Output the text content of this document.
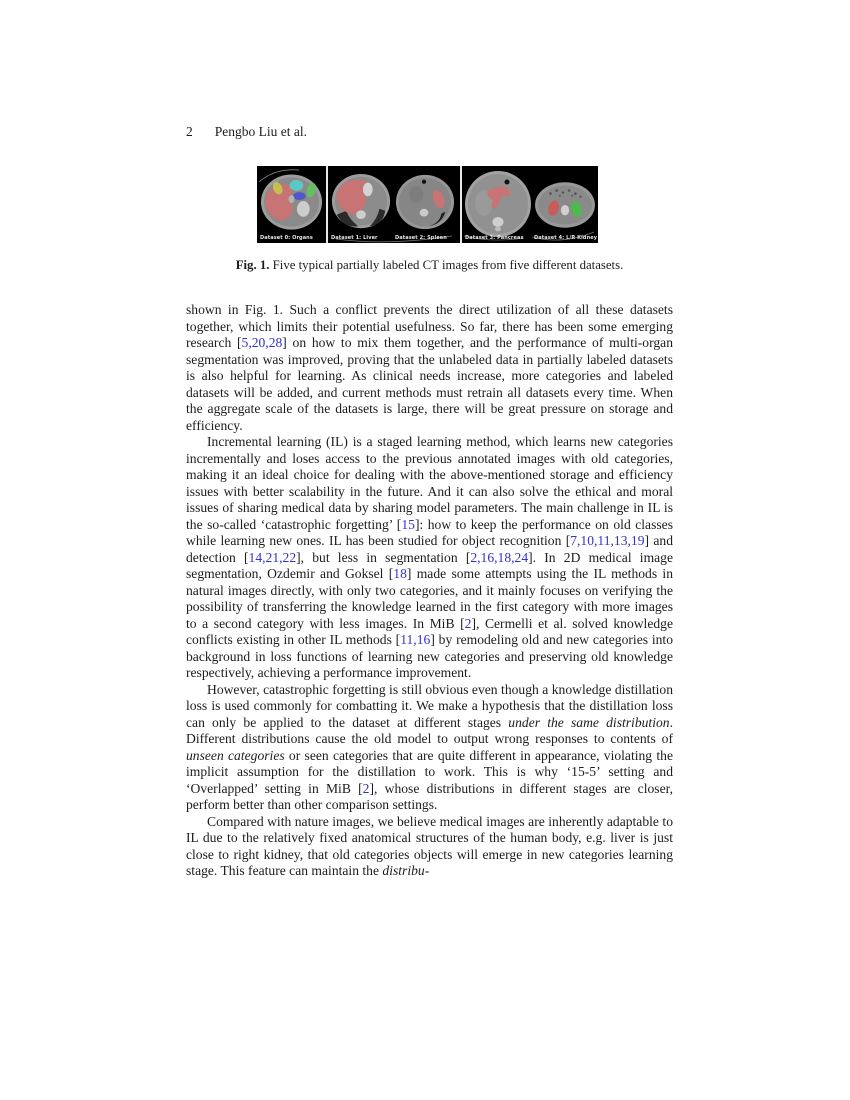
2 Pengbo Liu et al.
Dataset 0: Organs	Dataset 1: Liver	Dataset 2: Spleen	Dataset 3: Pancreas Dataset 4: L/R Kidney
Fig. 1. Five typical partially labeled CT images from five different datasets.

shown in Fig. 1. Such a conflict prevents the direct utilization of all these datasets together, which limits their potential usefulness. So far, there has been some emerging research [5,20,28] on how to mix them together, and the performance of multi-organ segmentation was improved, proving that the unlabeled data in partially labeled datasets is also helpful for learning. As clinical needs increase, more categories and labeled datasets will be added, and current methods must retrain all datasets every time. When the aggregate scale of the datasets is large, there will be great pressure on storage and efficiency.

Incremental learning (IL) is a staged learning method, which learns new categories incrementally and loses access to the previous annotated images with old categories, making it an ideal choice for dealing with the above-mentioned storage and efficiency issues with better scalability in the future. And it can also solve the ethical and moral issues of sharing medical data by sharing model parameters. The main challenge in IL is the so-called ‘catastrophic forgetting’ [15]: how to keep the performance on old classes while learning new ones. IL has been studied for object recognition [7,10,11,13,19] and detection [14,21,22], but less in segmentation [2,16,18,24]. In 2D medical image segmentation, Ozdemir and Goksel [18] made some attempts using the IL methods in natural images directly, with only two categories, and it mainly focuses on verifying the possibility of transferring the knowledge learned in the first category with more images to a second category with less images. In MiB [2], Cermelli et al. solved knowledge conflicts existing in other IL methods [11,16] by remodeling old and new categories into background in loss functions of learning new categories and preserving old knowledge respectively, achieving a performance improvement.

However, catastrophic forgetting is still obvious even though a knowledge distillation loss is used commonly for combatting it. We make a hypothesis that the distillation loss can only be applied to the dataset at different stages under the same distribution. Different distributions cause the old model to output wrong responses to contents of unseen categories or seen categories that are quite different in appearance, violating the implicit assumption for the distillation to work. This is why ‘15-5’ setting and ‘Overlapped’ setting in MiB [2], whose distributions in different stages are closer, perform better than other comparison settings.

Compared with nature images, we believe medical images are inherently adaptable to IL due to the relatively fixed anatomical structures of the human body, e.g. liver is just close to right kidney, that old categories objects will emerge in new categories learning stage. This feature can maintain the distribu-
